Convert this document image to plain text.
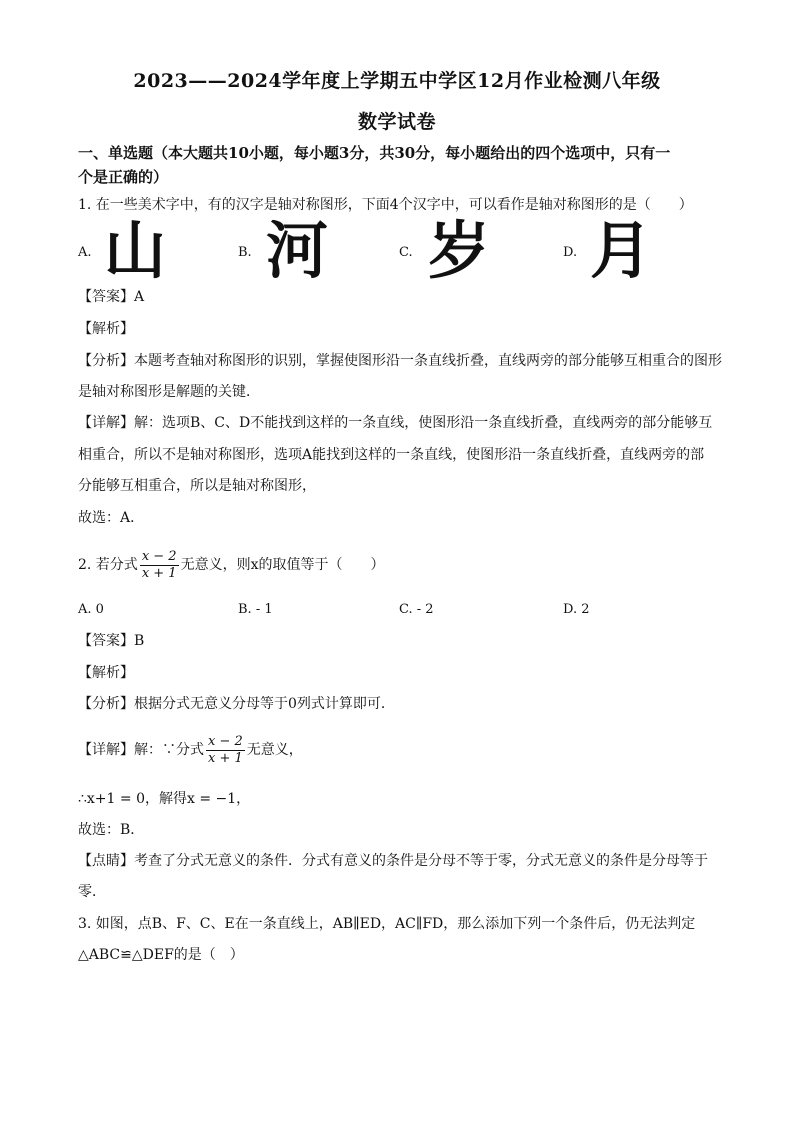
2023——2024学年度上学期五中学区12月作业检测八年级
数学试卷
一、单选题（本大题共10小题，每小题3分，共30分，每小题给出的四个选项中，只有一
个是正确的）
1. 在一些美术字中，有的汉字是轴对称图形，下面4个汉字中，可以看作是轴对称图形的是（　　）
A. 山	B. 河	C. 岁	D. 月
【答案】A
【解析】
【分析】本题考查轴对称图形的识别，掌握使图形沿一条直线折叠，直线两旁的部分能够互相重合的图形
是轴对称图形是解题的关键．
【详解】解：选项B、C、D不能找到这样的一条直线，使图形沿一条直线折叠，直线两旁的部分能够互
相重合，所以不是轴对称图形，选项A能找到这样的一条直线，使图形沿一条直线折叠，直线两旁的部
分能够互相重合，所以是轴对称图形，
故选：A．
2. 若分式 $\frac{x - 2}{x + 1}$ 无意义，则x的取值等于（　　）
A. 0	B. - 1	C. - 2	D. 2
【答案】B
【解析】
【分析】根据分式无意义分母等于0列式计算即可．
【详解】解：∵分式 $\frac{x - 2}{x + 1}$ 无意义，
∴x+1 = 0，解得x = −1，
故选：B．
【点睛】考查了分式无意义的条件．分式有意义的条件是分母不等于零，分式无意义的条件是分母等于
零．
3. 如图，点B、F、C、E在一条直线上，AB∥ED，AC∥FD，那么添加下列一个条件后，仍无法判定
△ABC≌△DEF的是（　）
